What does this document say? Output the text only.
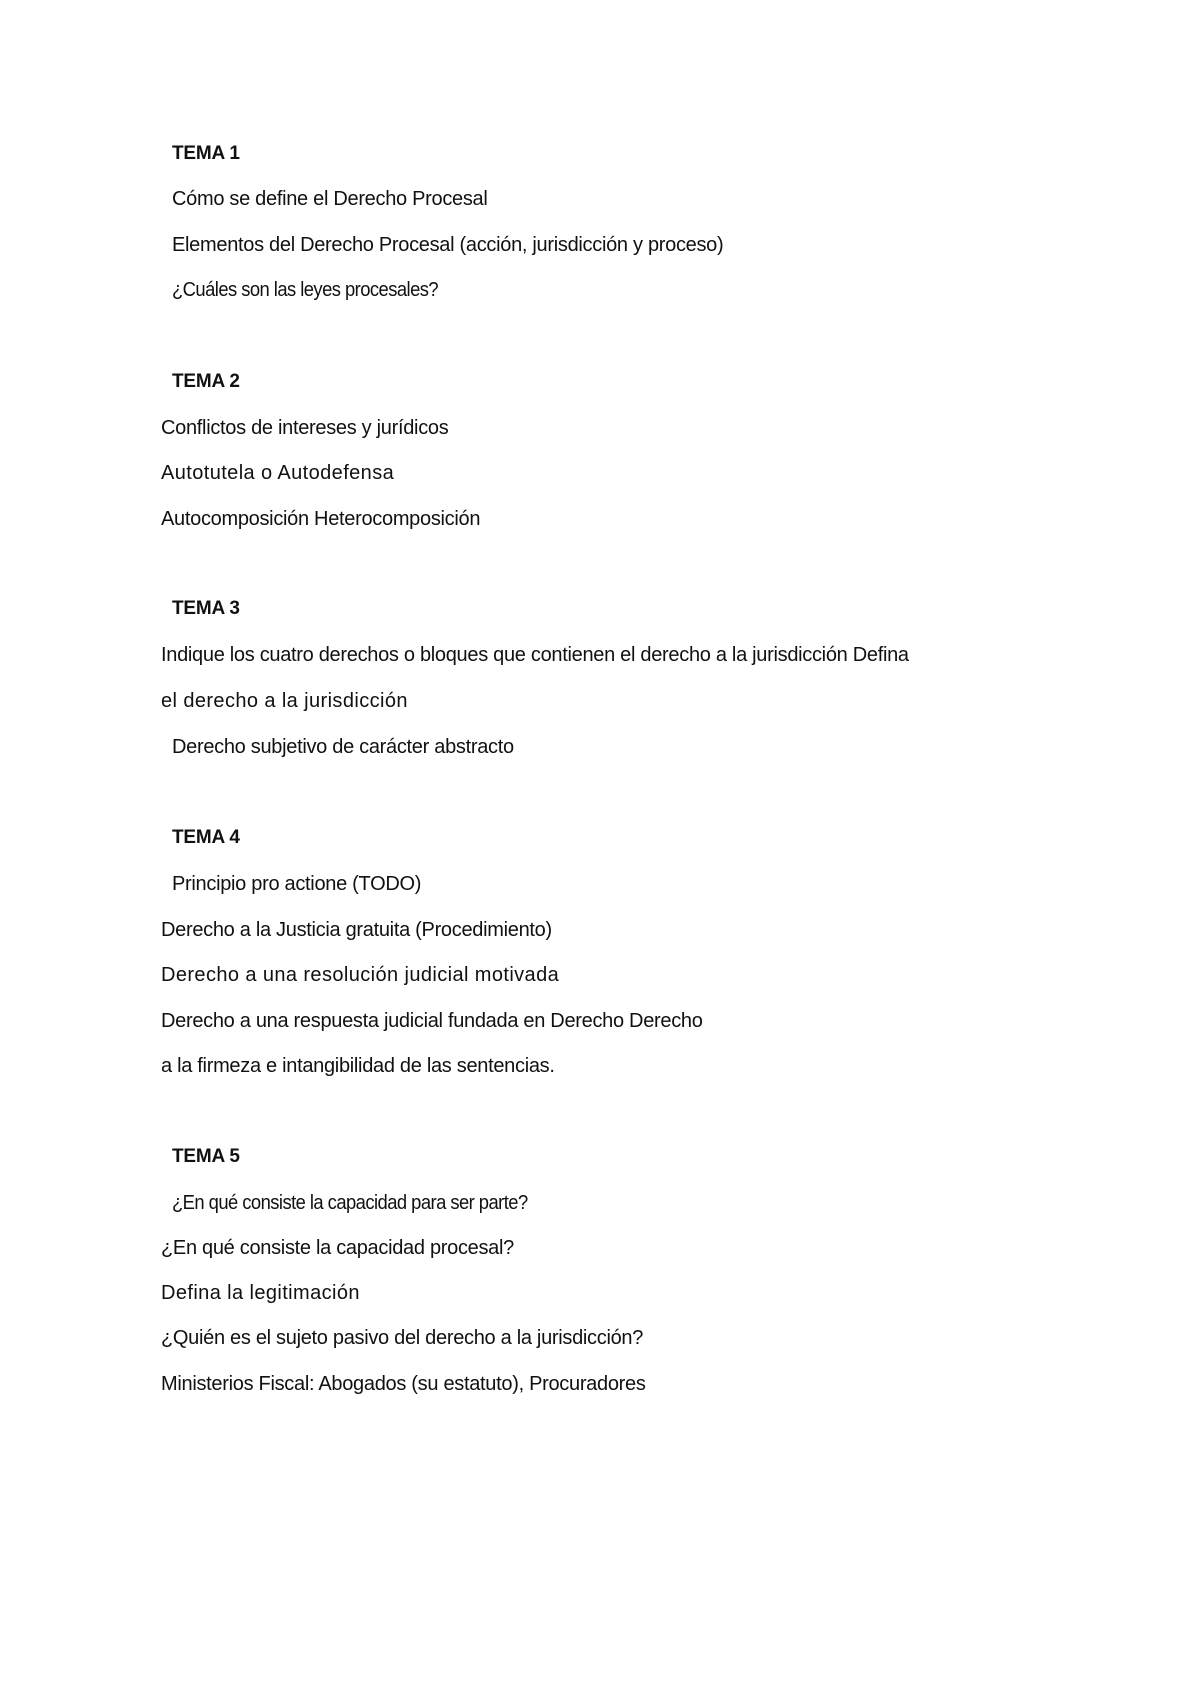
TEMA 1
Cómo se define el Derecho Procesal
Elementos del Derecho Procesal (acción, jurisdicción y proceso)
¿Cuáles son las leyes procesales?
TEMA 2
Conflictos de intereses y jurídicos
Autotutela o Autodefensa
Autocomposición Heterocomposición
TEMA 3
Indique los cuatro derechos o bloques que contienen el derecho a la jurisdicción Defina
el derecho a la jurisdicción
Derecho subjetivo de carácter abstracto
TEMA 4
Principio pro actione (TODO)
Derecho a la Justicia gratuita (Procedimiento)
Derecho a una resolución judicial motivada
Derecho a una respuesta judicial fundada en Derecho Derecho
a la firmeza e intangibilidad de las sentencias.
TEMA 5
¿En qué consiste la capacidad para ser parte?
¿En qué consiste la capacidad procesal?
Defina la legitimación
¿Quién es el sujeto pasivo del derecho a la jurisdicción?
Ministerios Fiscal: Abogados (su estatuto), Procuradores
